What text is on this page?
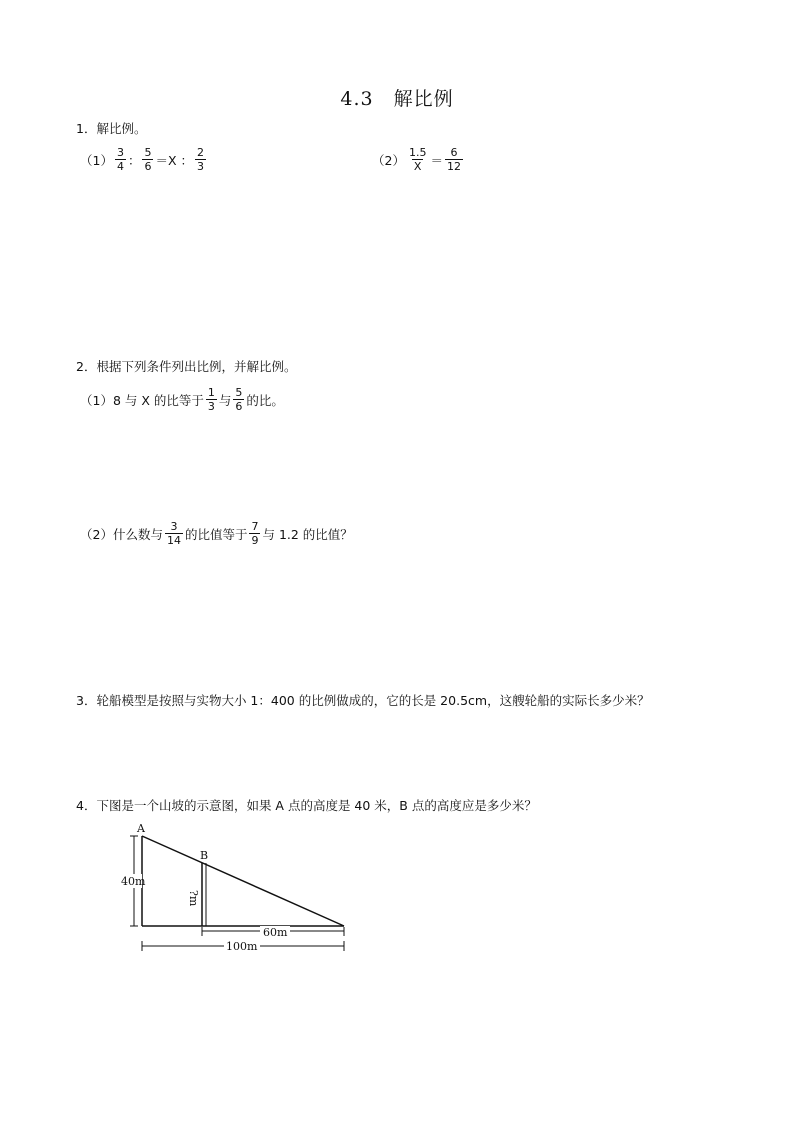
4.3　解比例
1．解比例。
$(1) \frac{3}{4}$ ： $\frac{5}{6} =X$ ： $\frac{2}{3}$	$(2) \frac{1.5}{X} = \frac{6}{12}$
2．根据下列条件列出比例，并解比例。
（1）8 与 X 的比等于 $\frac{1}{3}$ 与 $\frac{5}{6}$ 的比。
（2）什么数与 $\frac{3}{14}$ 的比值等于 $\frac{7}{9}$ 与 1.2 的比值？
3．轮船模型是按照与实物大小 1：400 的比例做成的，它的长是 20.5cm，这艘轮船的实际长多少米？
4．下图是一个山坡的示意图，如果 A 点的高度是 40 米，B 点的高度应是多少米？
A
B
40m
?m
60m
100m
